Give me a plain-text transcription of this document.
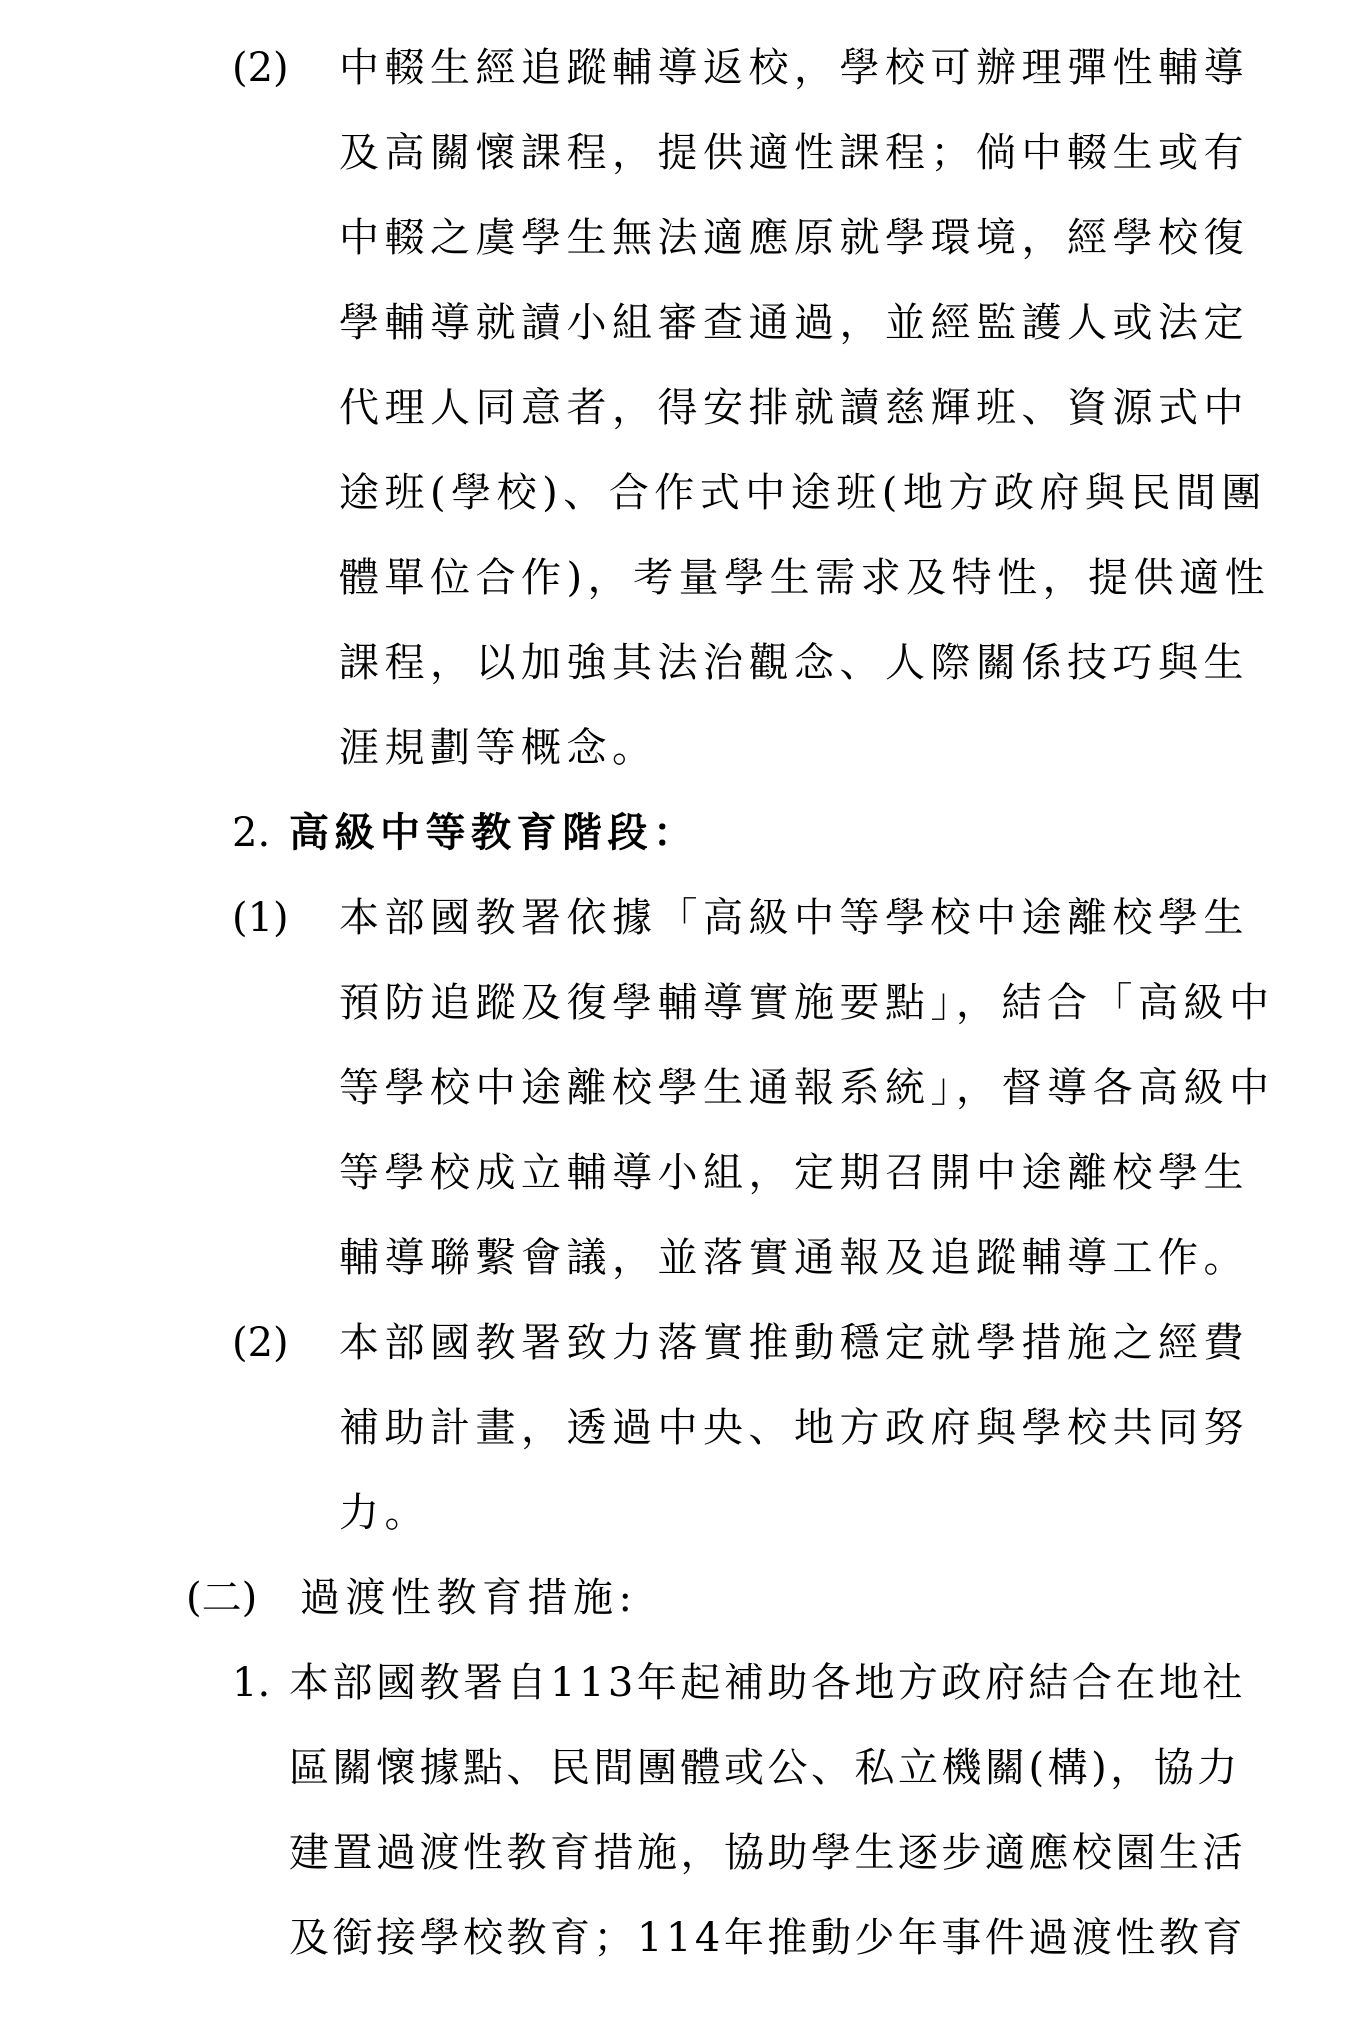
(2) 中輟生經追蹤輔導返校，學校可辦理彈性輔導
及高關懷課程，提供適性課程；倘中輟生或有
中輟之虞學生無法適應原就學環境，經學校復
學輔導就讀小組審查通過，並經監護人或法定
代理人同意者，得安排就讀慈輝班、資源式中
途班(學校)、合作式中途班(地方政府與民間團
體單位合作)，考量學生需求及特性，提供適性
課程，以加強其法治觀念、人際關係技巧與生
涯規劃等概念。
2. 高級中等教育階段：
(1) 本部國教署依據「高級中等學校中途離校學生
預防追蹤及復學輔導實施要點」，結合「高級中
等學校中途離校學生通報系統」，督導各高級中
等學校成立輔導小組，定期召開中途離校學生
輔導聯繫會議，並落實通報及追蹤輔導工作。
(2) 本部國教署致力落實推動穩定就學措施之經費
補助計畫，透過中央、地方政府與學校共同努
力。
(二) 過渡性教育措施:
1. 本部國教署自113年起補助各地方政府結合在地社
區關懷據點、民間團體或公、私立機關(構)，協力
建置過渡性教育措施，協助學生逐步適應校園生活
及銜接學校教育；114年推動少年事件過渡性教育
